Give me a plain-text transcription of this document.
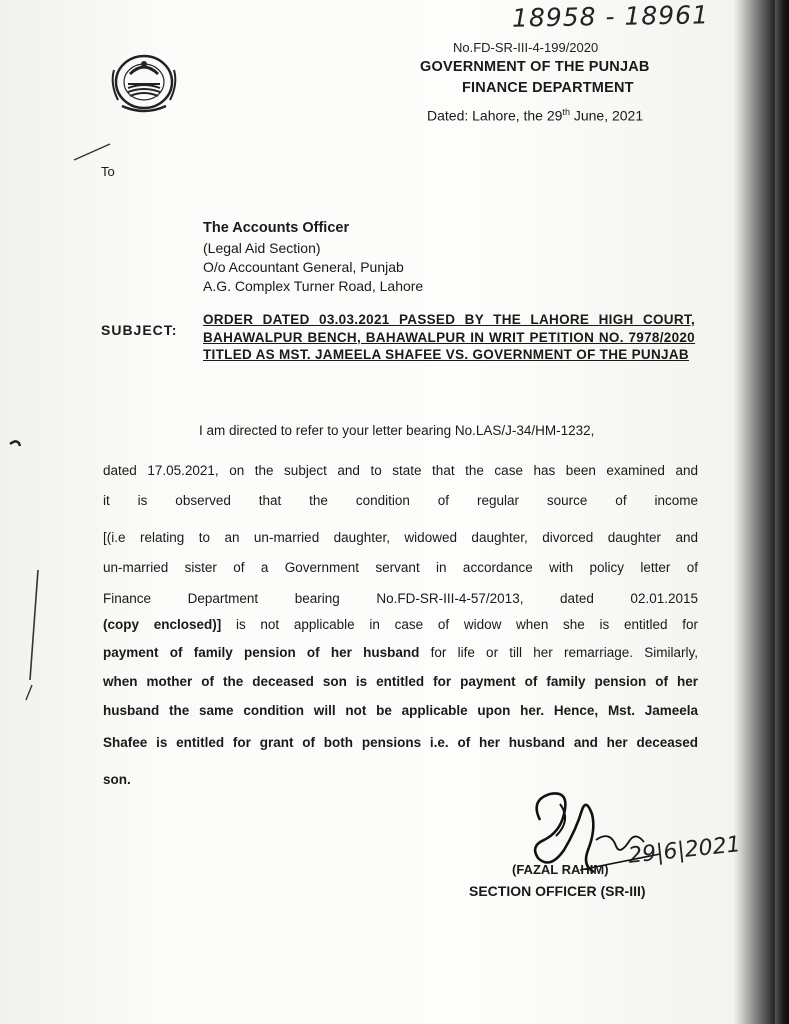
18958 - 18961
No.FD-SR-III-4-199/2020
GOVERNMENT OF THE PUNJAB
FINANCE DEPARTMENT
Dated: Lahore, the 29th June, 2021
To
The Accounts Officer
(Legal Aid Section)
O/o Accountant General, Punjab
A.G. Complex Turner Road, Lahore
SUBJECT:
ORDER DATED 03.03.2021 PASSED BY THE LAHORE HIGH COURT, BAHAWALPUR BENCH, BAHAWALPUR IN WRIT PETITION NO. 7978/2020 TITLED AS MST. JAMEELA SHAFEE VS. GOVERNMENT OF THE PUNJAB
I am directed to refer to your letter bearing No.LAS/J-34/HM-1232,
dated 17.05.2021, on the subject and to state that the case has been examined and
it is observed that the condition of regular source of income
[(i.e relating to an un-married daughter, widowed daughter, divorced daughter and
un-married sister of a Government servant in accordance with policy letter of
Finance Department bearing No.FD-SR-III-4-57/2013, dated 02.01.2015
(copy enclosed)] is not applicable in case of widow when she is entitled for
payment of family pension of her husband for life or till her remarriage. Similarly,
when mother of the deceased son is entitled for payment of family pension of her
husband the same condition will not be applicable upon her. Hence, Mst. Jameela
Shafee is entitled for grant of both pensions i.e. of her husband and her deceased
son.
29|6|2021
(FAZAL RAHIM)
SECTION OFFICER (SR-III)
